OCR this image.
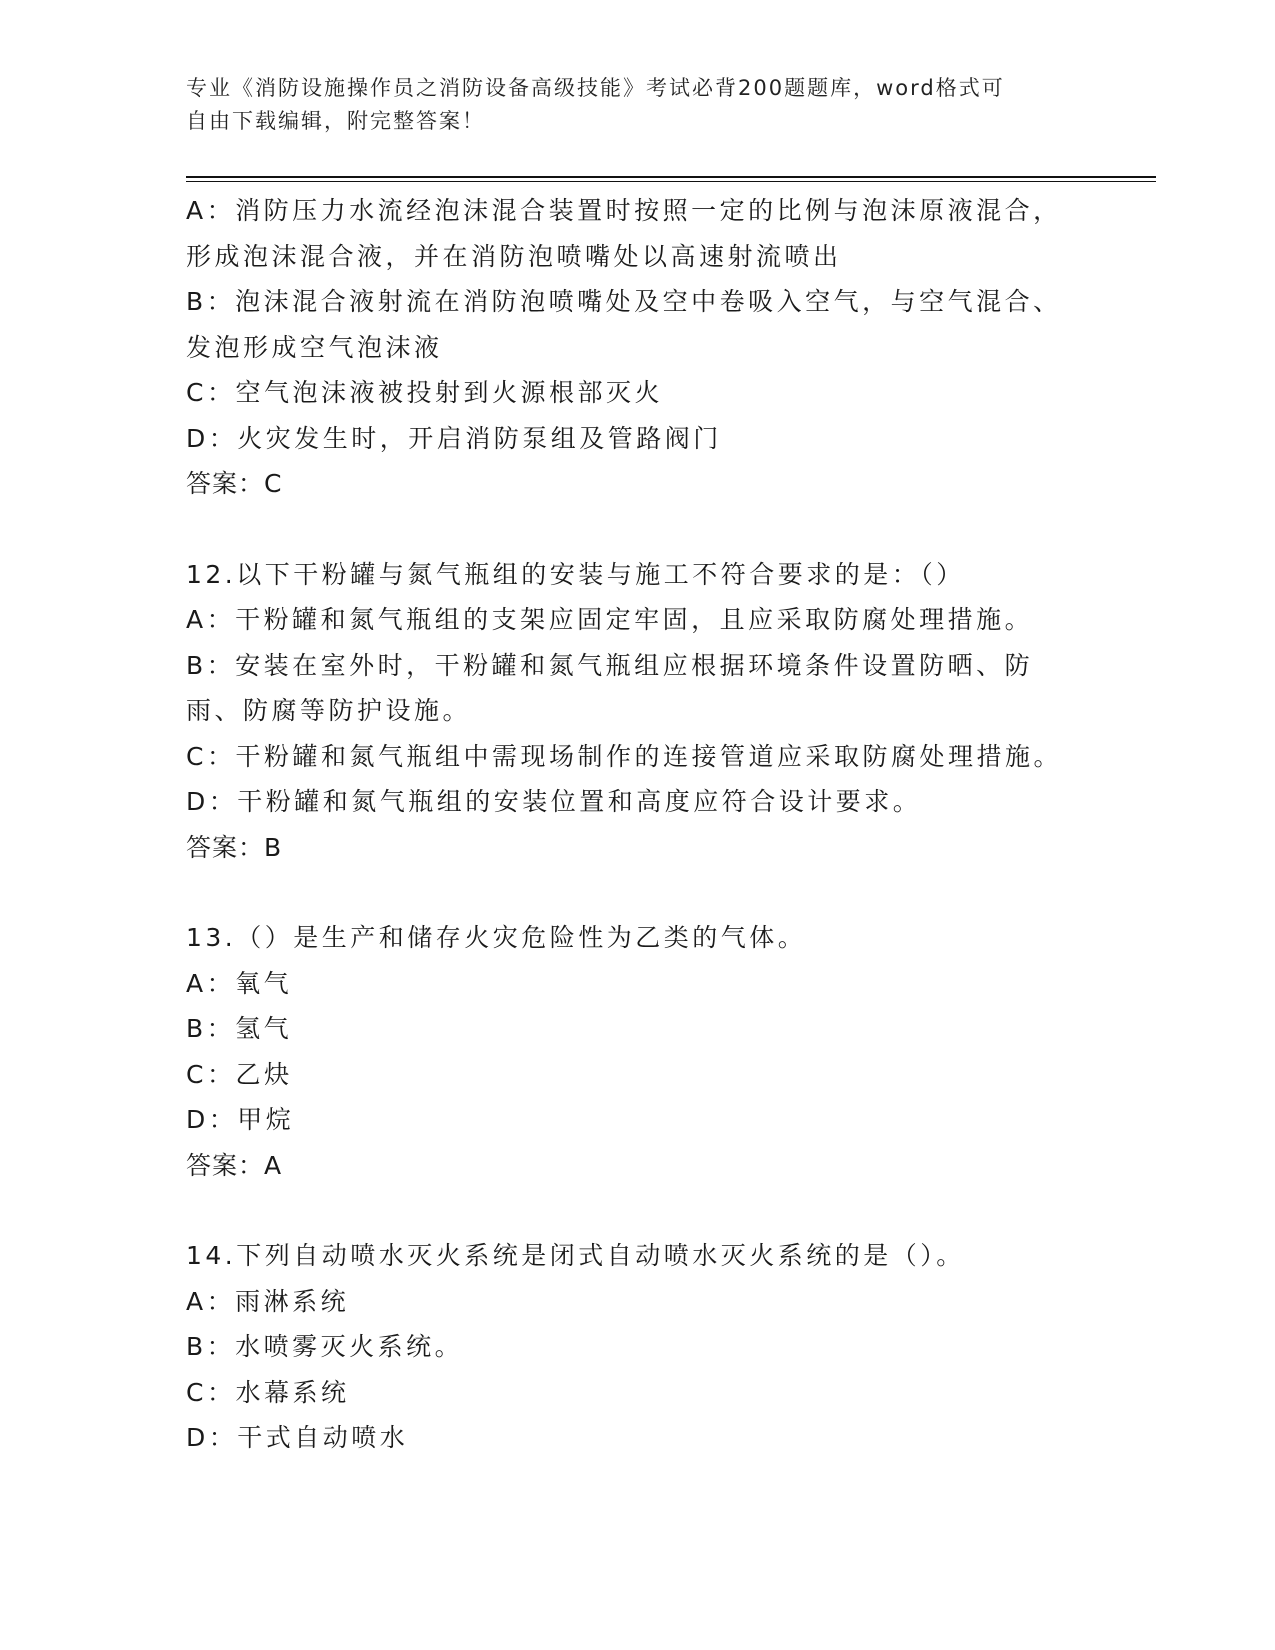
专业《消防设施操作员之消防设备高级技能》考试必背200题题库，word格式可

自由下载编辑，附完整答案！

A：消防压力水流经泡沫混合装置时按照一定的比例与泡沫原液混合，形成泡沫混合液，并在消防泡喷嘴处以高速射流喷出

B：泡沫混合液射流在消防泡喷嘴处及空中卷吸入空气，与空气混合、发泡形成空气泡沫液

C：空气泡沫液被投射到火源根部灭火

D：火灾发生时，开启消防泵组及管路阀门

答案：C

12.以下干粉罐与氮气瓶组的安装与施工不符合要求的是：（）

A：干粉罐和氮气瓶组的支架应固定牢固，且应采取防腐处理措施。

B：安装在室外时，干粉罐和氮气瓶组应根据环境条件设置防晒、防雨、防腐等防护设施。

C：干粉罐和氮气瓶组中需现场制作的连接管道应采取防腐处理措施。

D：干粉罐和氮气瓶组的安装位置和高度应符合设计要求。

答案：B

13.（）是生产和储存火灾危险性为乙类的气体。

A：氧气

B：氢气

C：乙炔

D：甲烷

答案：A

14.下列自动喷水灭火系统是闭式自动喷水灭火系统的是（）。

A：雨淋系统

B：水喷雾灭火系统。

C：水幕系统

D：干式自动喷水
